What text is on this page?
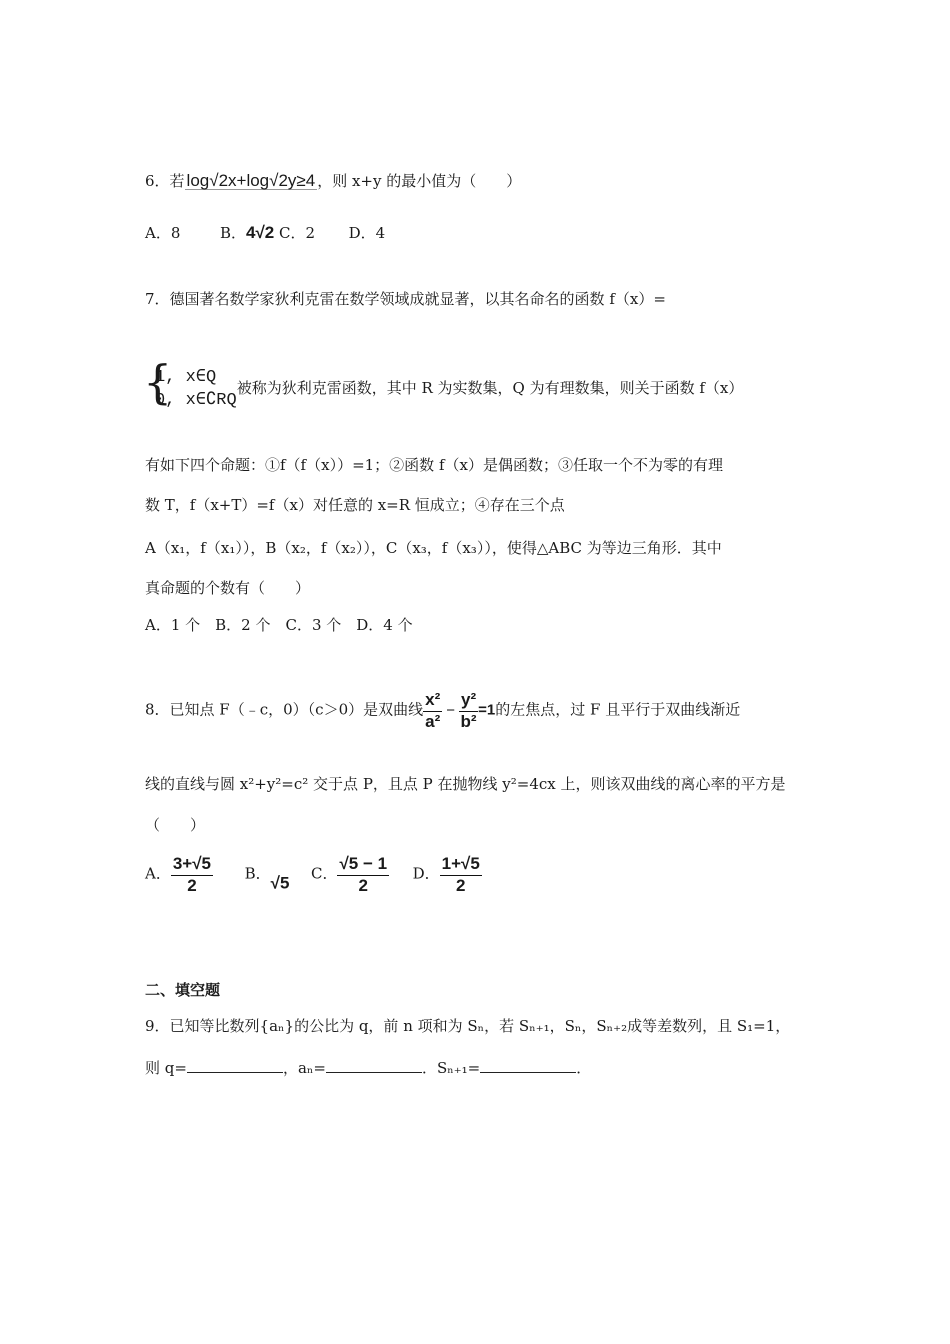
6．若 log√2x+log√2y≥4 ，则 x+y 的最小值为（　　）
A．8	B．4√2 C．2 D．4
7．德国著名数学家狄利克雷在数学领域成就显著，以其名命名的函数 f（x）=
{ 1, x∈Q
0, x∈∁RQ
被称为狄利克雷函数，其中 R 为实数集，Q 为有理数集，则关于函数 f（x）
有如下四个命题：①f（f（x））=1；②函数 f（x）是偶函数；③任取一个不为零的有理
数 T，f（x+T）=f（x）对任意的 x=R 恒成立；④存在三个点
A（x₁，f（x₁）），B（x₂，f（x₂）），C（x₃，f（x₃）），使得△ABC 为等边三角形．其中
真命题的个数有（　　）
A．1 个　B．2 个　C．3 个　D．4 个
8．已知点 F（﹣c，0）（c＞0）是双曲线 $\frac{\text{x²}}{\text{a²}} - \frac{\text{y²}}{\text{b²}} =1$的左焦点，过 F 且平行于双曲线渐近
线的直线与圆 x²+y²=c² 交于点 P，且点 P 在抛物线 y²=4cx 上，则该双曲线的离心率的平方是
（　　）
A． $\frac{3+√5}{2}$ B．√5 C． $\frac{√5 - 1}{2}$ D． $\frac{1+√5}{2}$
二、填空题
9．已知等比数列{aₙ}的公比为 q，前 n 项和为 Sₙ，若 Sₙ₊₁，Sₙ，Sₙ₊₂成等差数列，且 S₁=1，
则 q=	，aₙ=	．Sₙ₊₁=	．
